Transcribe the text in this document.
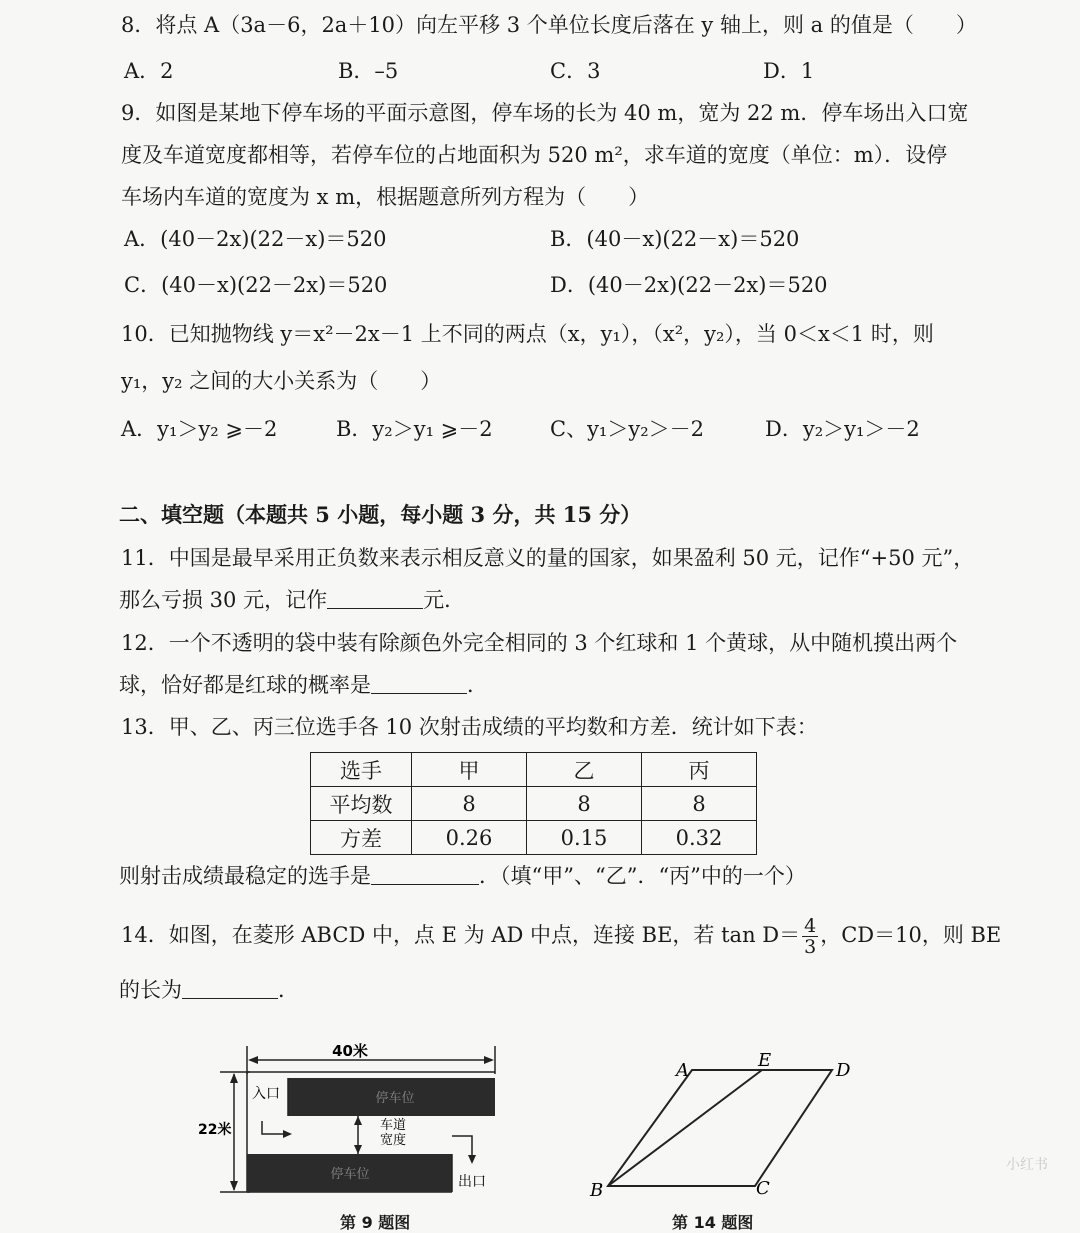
8．将点 A（3a－6，2a＋10）向左平移 3 个单位长度后落在 y 轴上，则 a 的值是（　　）
A．2	B．–5	C．3	D．1
9．如图是某地下停车场的平面示意图，停车场的长为 40 m，宽为 22 m．停车场出入口宽
度及车道宽度都相等，若停车位的占地面积为 520 m²，求车道的宽度（单位：m）．设停
车场内车道的宽度为 x m，根据题意所列方程为（　　）
A．(40－2x)(22－x)＝520	B．(40－x)(22－x)＝520
C．(40－x)(22－2x)＝520	D．(40－2x)(22－2x)＝520
10．已知抛物线 y＝x²－2x－1 上不同的两点（x，y₁），（x²，y₂），当 0＜x＜1 时，则
y₁，y₂ 之间的大小关系为（　　）
A．y₁＞y₂ ⩾－2	B．y₂＞y₁ ⩾－2	C、y₁＞y₂＞－2	D．y₂＞y₁＞－2
二、填空题（本题共 5 小题，每小题 3 分，共 15 分）
11．中国是最早采用正负数来表示相反意义的量的国家，如果盈利 50 元，记作“+50 元”，
那么亏损 30 元，记作	元．
12．一个不透明的袋中装有除颜色外完全相同的 3 个红球和 1 个黄球，从中随机摸出两个
球，恰好都是红球的概率是	．
13．甲、乙、丙三位选手各 10 次射击成绩的平均数和方差．统计如下表：
选手	甲	乙	丙
平均数	8	8	8
方差	0.26	0.15	0.32
则射击成绩最稳定的选手是	．（填“甲”、“乙”．“丙”中的一个）
14．如图，在菱形 ABCD 中，点 E 为 AD 中点，连接 BE，若 $\tan D= \frac{4}{3}$ ，CD＝10，则 BE
的长为	．
40米
22米
停车位
入口
车道
宽度
停车位	出口
第 9 题图
A	E	D
B	C
第 14 题图
小红书
